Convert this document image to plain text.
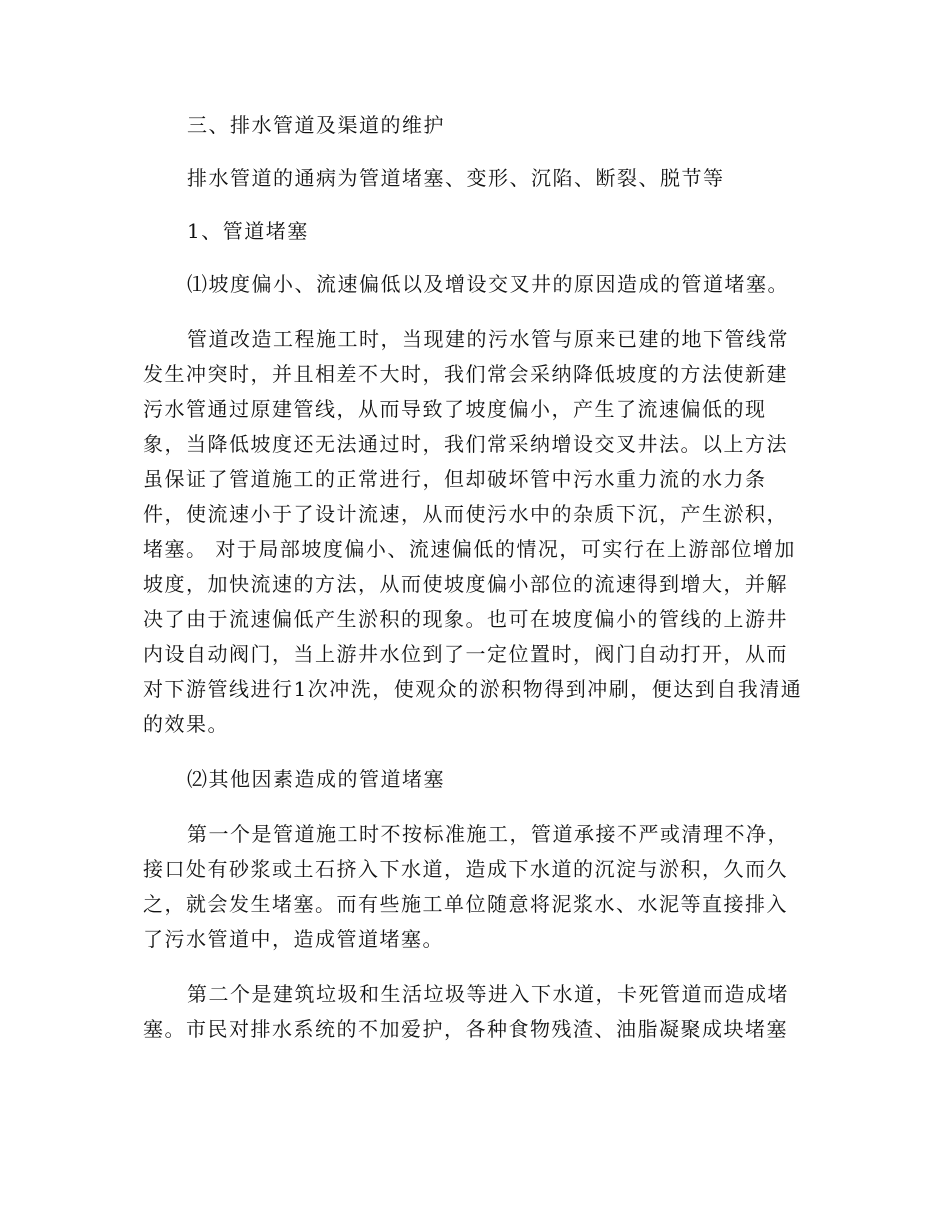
三、排水管道及渠道的维护

排水管道的通病为管道堵塞、变形、沉陷、断裂、脱节等

1、管道堵塞

⑴坡度偏小、流速偏低以及增设交叉井的原因造成的管道堵塞。

管道改造工程施工时，当现建的污水管与原来已建的地下管线常发生冲突时，并且相差不大时，我们常会采纳降低坡度的方法使新建污水管通过原建管线，从而导致了坡度偏小，产生了流速偏低的现象，当降低坡度还无法通过时，我们常采纳增设交叉井法。以上方法虽保证了管道施工的正常进行，但却破坏管中污水重力流的水力条件，使流速小于了设计流速，从而使污水中的杂质下沉，产生淤积，堵塞。 对于局部坡度偏小、流速偏低的情况，可实行在上游部位增加坡度，加快流速的方法，从而使坡度偏小部位的流速得到增大，并解决了由于流速偏低产生淤积的现象。也可在坡度偏小的管线的上游井内设自动阀门，当上游井水位到了一定位置时，阀门自动打开，从而对下游管线进行1次冲洗，使观众的淤积物得到冲刷，便达到自我清通的效果。

⑵其他因素造成的管道堵塞

第一个是管道施工时不按标准施工，管道承接不严或清理不净，接口处有砂浆或土石挤入下水道，造成下水道的沉淀与淤积，久而久之，就会发生堵塞。而有些施工单位随意将泥浆水、水泥等直接排入了污水管道中，造成管道堵塞。

第二个是建筑垃圾和生活垃圾等进入下水道，卡死管道而造成堵塞。市民对排水系统的不加爱护，各种食物残渣、油脂凝聚成块堵塞
